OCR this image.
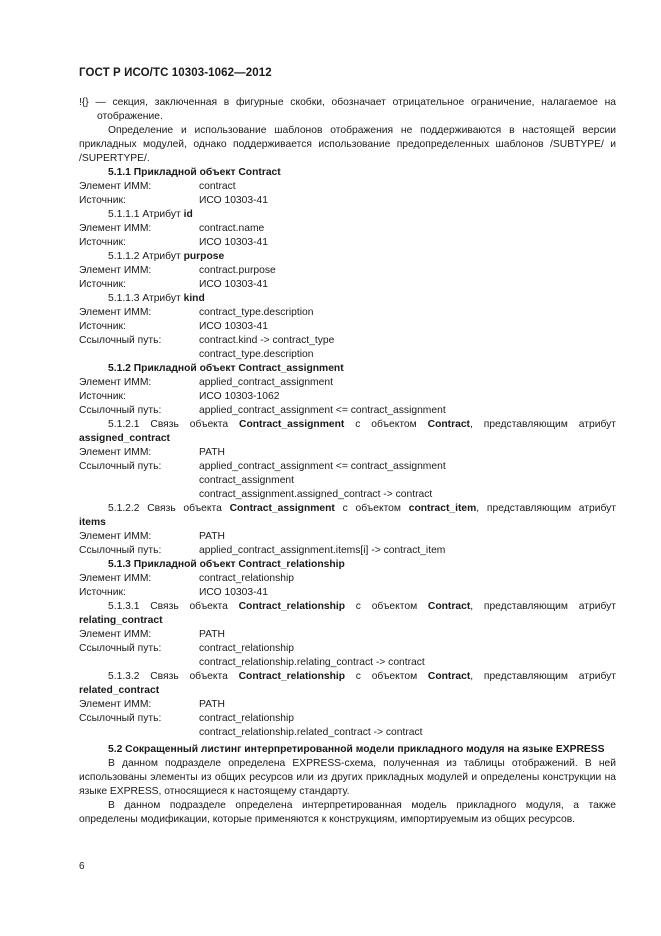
ГОСТ Р ИСО/ТС 10303-1062—2012

!{} — секция, заключенная в фигурные скобки, обозначает отрицательное ограничение, налагаемое на отображение.

Определение и использование шаблонов отображения не поддерживаются в настоящей версии прикладных модулей, однако поддерживается использование предопределенных шаблонов /SUBTYPE/ и /SUPERTYPE/.

5.1.1 Прикладной объект Contract
Элемент ИММ:	contract
Источник:	ИСО 10303-41
5.1.1.1 Атрибут id
Элемент ИММ:	contract.name
Источник:	ИСО 10303-41
5.1.1.2 Атрибут purpose
Элемент ИММ:	contract.purpose
Источник:	ИСО 10303-41
5.1.1.3 Атрибут kind
Элемент ИММ:	contract_type.description
Источник:	ИСО 10303-41
Ссылочный путь:	contract.kind -> contract_type
contract_type.description
5.1.2 Прикладной объект Contract_assignment
Элемент ИММ:	applied_contract_assignment
Источник:	ИСО 10303-1062
Ссылочный путь:	applied_contract_assignment <= contract_assignment
5.1.2.1 Связь объекта Contract_assignment с объектом Contract, представляющим атрибут
assigned_contract
Элемент ИММ:	PATH
Ссылочный путь:	applied_contract_assignment <= contract_assignment
contract_assignment
contract_assignment.assigned_contract -> contract
5.1.2.2 Связь объекта Contract_assignment с объектом contract_item, представляющим атрибут
items
Элемент ИММ:	PATH
Ссылочный путь:	applied_contract_assignment.items[i] -> contract_item
5.1.3 Прикладной объект Contract_relationship
Элемент ИММ:	contract_relationship
Источник:	ИСО 10303-41
5.1.3.1 Связь объекта Contract_relationship с объектом Contract, представляющим атрибут
relating_contract
Элемент ИММ:	PATH
Ссылочный путь:	contract_relationship
contract_relationship.relating_contract -> contract
5.1.3.2 Связь объекта Contract_relationship с объектом Contract, представляющим атрибут
related_contract
Элемент ИММ:	PATH
Ссылочный путь:	contract_relationship
contract_relationship.related_contract -> contract
5.2 Сокращенный листинг интерпретированной модели прикладного модуля на языке EXPRESS

В данном подразделе определена EXPRESS-схема, полученная из таблицы отображений. В ней использованы элементы из общих ресурсов или из других прикладных модулей и определены конструкции на языке EXPRESS, относящиеся к настоящему стандарту.

В данном подразделе определена интерпретированная модель прикладного модуля, а также определены модификации, которые применяются к конструкциям, импортируемым из общих ресурсов.

6
